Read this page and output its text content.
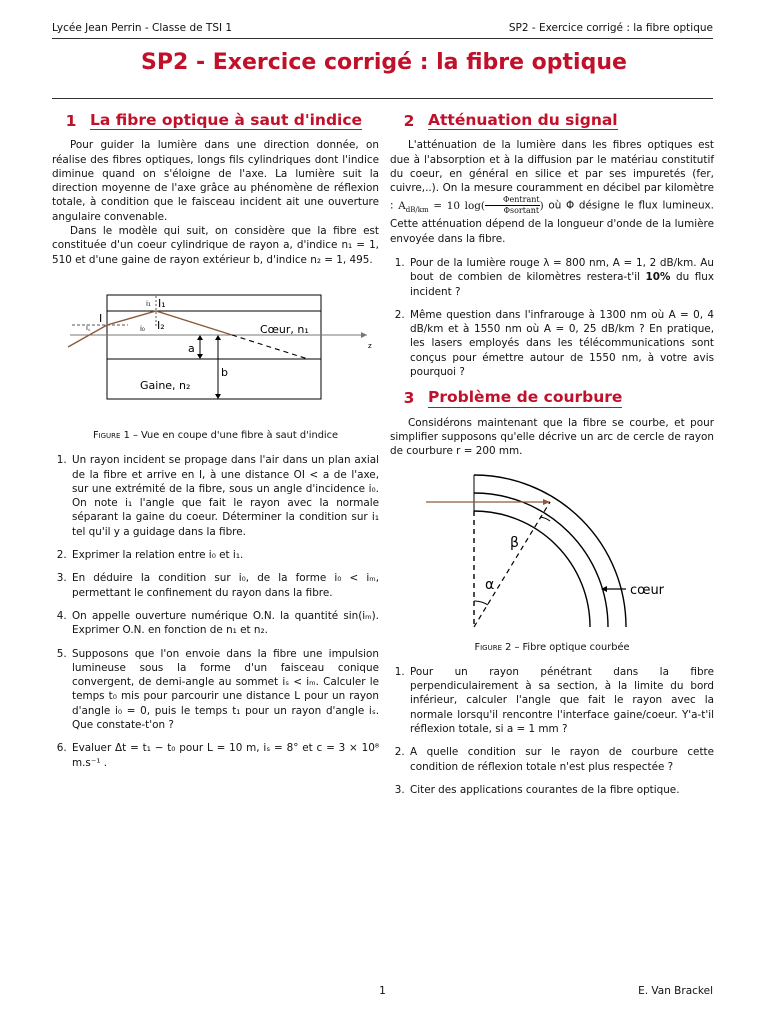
Lycée Jean Perrin - Classe de TSI 1	SP2 - Exercice corrigé : la fibre optique
SP2 - Exercice corrigé : la fibre optique
1 La fibre optique à saut d'indice

Pour guider la lumière dans une direction donnée, on réalise des fibres optiques, longs fils cylindriques dont l'indice diminue quand on s'éloigne de l'axe. La lumière suit la direction moyenne de l'axe grâce au phénomène de réflexion totale, à condition que le faisceau incident ait une ouverture angulaire convenable.

Dans le modèle qui suit, on considère que la fibre est constituée d'un coeur cylindrique de rayon a, d'indice n₁ = 1, 510 et d'une gaine de rayon extérieur b, d'indice n₂ = 1, 495.

I
i₁ I₁
I₂
i₀
i꜀	Cœur, n₁
a
b
Gaine, n₂
z
Figure 1 – Vue en coupe d'une fibre à saut d'indice
1. Un rayon incident se propage dans l'air dans un plan axial de la fibre et arrive en I, à une distance OI < a de l'axe, sur une extrémité de la fibre, sous un angle d'incidence i₀. On note i₁ l'angle que fait le rayon avec la normale séparant la gaine du coeur. Déterminer la condition sur i₁ tel qu'il y a guidage dans la fibre.
2. Exprimer la relation entre i₀ et i₁.
3. En déduire la condition sur i₀, de la forme i₀ < iₘ, permettant le confinement du rayon dans la fibre.
4. On appelle ouverture numérique O.N. la quantité sin(iₘ). Exprimer O.N. en fonction de n₁ et n₂.
5. Supposons que l'on envoie dans la fibre une impulsion lumineuse sous la forme d'un faisceau conique convergent, de demi-angle au sommet iₛ < iₘ. Calculer le temps t₀ mis pour parcourir une distance L pour un rayon d'angle i₀ = 0, puis le temps t₁ pour un rayon d'angle iₛ. Que constate-t'on ?
6. Evaluer Δt = t₁ − t₀ pour L = 10 m, iₛ = 8° et c = 3 × 10⁸ m.s⁻¹ .
2 Atténuation du signal

L'atténuation de la lumière dans les fibres optiques est due à l'absorption et à la diffusion par le matériau constitutif du coeur, en général en silice et par ses impuretés (fer, cuivre,..). On la mesure couramment en décibel par kilomètre : $A_{dB/km} = 10$ log(	Φentrant
Φsortant ) où Φ désigne le flux lumineux. Cette atténuation dépend de la longueur d'onde de la lumière envoyée dans la fibre.

1. Pour de la lumière rouge λ = 800 nm, A = 1, 2 dB/km. Au bout de combien de kilomètres restera-t'il 10% du flux incident ?
2. Même question dans l'infrarouge à 1300 nm où A = 0, 4 dB/km et à 1550 nm où A = 0, 25 dB/km ? En pratique, les lasers employés dans les télécommunications sont conçus pour émettre autour de 1550 nm, à votre avis pourquoi ?
3 Problème de courbure

Considérons maintenant que la fibre se courbe, et pour simplifier supposons qu'elle décrive un arc de cercle de rayon de courbure r = 200 mm.

β
α	cœur
Figure 2 – Fibre optique courbée
1. Pour un rayon pénétrant dans la fibre perpendiculairement à sa section, à la limite du bord inférieur, calculer l'angle que fait le rayon avec la normale lorsqu'il rencontre l'interface gaine/coeur. Y'a-t'il réflexion totale, si a = 1 mm ?
2. A quelle condition sur le rayon de courbure cette condition de réflexion totale n'est plus respectée ?
3. Citer des applications courantes de la fibre optique.
1	E. Van Brackel
